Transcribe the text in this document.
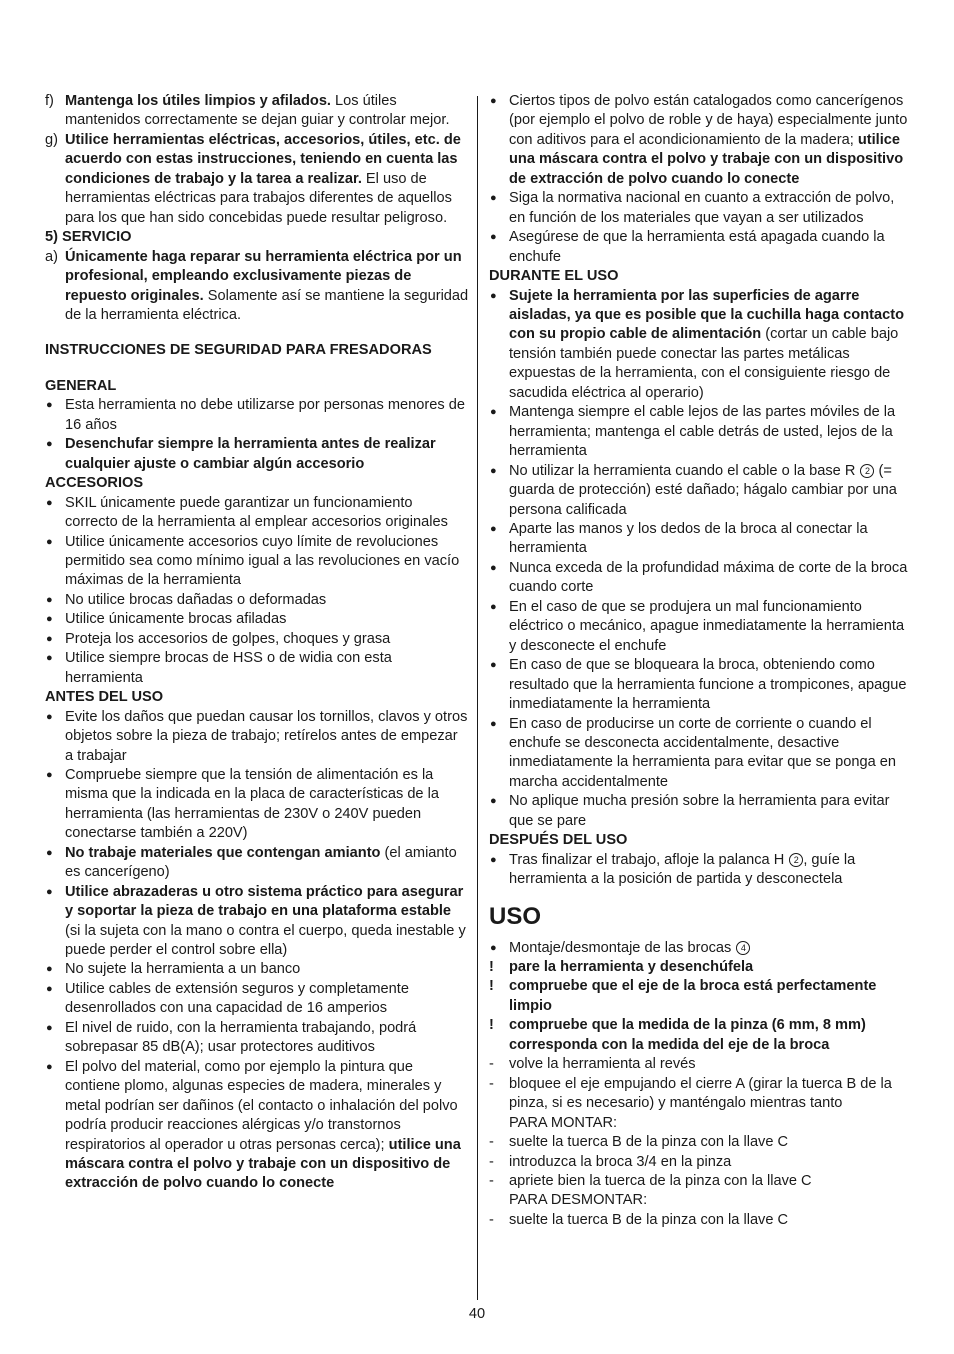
f) Mantenga los útiles limpios y afilados. Los útiles mantenidos correctamente se dejan guiar y controlar mejor.
g) Utilice herramientas eléctricas, accesorios, útiles, etc. de acuerdo con estas instrucciones, teniendo en cuenta las condiciones de trabajo y la tarea a realizar. El uso de herramientas eléctricas para trabajos diferentes de aquellos para los que han sido concebidas puede resultar peligroso.
5) SERVICIO
a) Únicamente haga reparar su herramienta eléctrica por un profesional, empleando exclusivamente piezas de repuesto originales. Solamente así se mantiene la seguridad de la herramienta eléctrica.
INSTRUCCIONES DE SEGURIDAD PARA FRESADORAS
GENERAL
● Esta herramienta no debe utilizarse por personas menores de 16 años
● Desenchufar siempre la herramienta antes de realizar cualquier ajuste o cambiar algún accesorio
ACCESORIOS
● SKIL únicamente puede garantizar un funcionamiento correcto de la herramienta al emplear accesorios originales
● Utilice únicamente accesorios cuyo límite de revoluciones permitido sea como mínimo igual a las revoluciones en vacío máximas de la herramienta
● No utilice brocas dañadas o deformadas
● Utilice únicamente brocas afiladas
● Proteja los accesorios de golpes, choques y grasa
● Utilice siempre brocas de HSS o de widia con esta herramienta
ANTES DEL USO
● Evite los daños que puedan causar los tornillos, clavos y otros objetos sobre la pieza de trabajo; retírelos antes de empezar a trabajar
● Compruebe siempre que la tensión de alimentación es la misma que la indicada en la placa de características de la herramienta (las herramientas de 230V o 240V pueden conectarse también a 220V)
● No trabaje materiales que contengan amianto (el amianto es cancerígeno)
● Utilice abrazaderas u otro sistema práctico para asegurar y soportar la pieza de trabajo en una plataforma estable (si la sujeta con la mano o contra el cuerpo, queda inestable y puede perder el control sobre ella)
● No sujete la herramienta a un banco
● Utilice cables de extensión seguros y completamente desenrollados con una capacidad de 16 amperios
● El nivel de ruido, con la herramienta trabajando, podrá sobrepasar 85 dB(A); usar protectores auditivos
● El polvo del material, como por ejemplo la pintura que contiene plomo, algunas especies de madera, minerales y metal podrían ser dañinos (el contacto o inhalación del polvo podría producir reacciones alérgicas y/o transtornos respiratorios al operador u otras personas cerca); utilice una máscara contra el polvo y trabaje con un dispositivo de extracción de polvo cuando lo conecte
● Ciertos tipos de polvo están catalogados como cancerígenos (por ejemplo el polvo de roble y de haya) especialmente junto con aditivos para el acondicionamiento de la madera; utilice una máscara contra el polvo y trabaje con un dispositivo de extracción de polvo cuando lo conecte
● Siga la normativa nacional en cuanto a extracción de polvo, en función de los materiales que vayan a ser utilizados
● Asegúrese de que la herramienta está apagada cuando la enchufe
DURANTE EL USO
● Sujete la herramienta por las superficies de agarre aisladas, ya que es posible que la cuchilla haga contacto con su propio cable de alimentación (cortar un cable bajo tensión también puede conectar las partes metálicas expuestas de la herramienta, con el consiguiente riesgo de sacudida eléctrica al operario)
● Mantenga siempre el cable lejos de las partes móviles de la herramienta; mantenga el cable detrás de usted, lejos de la herramienta
● No utilizar la herramienta cuando el cable o la base R 2 (= guarda de protección) esté dañado; hágalo cambiar por una persona calificada
● Aparte las manos y los dedos de la broca al conectar la herramienta
● Nunca exceda de la profundidad máxima de corte de la broca cuando corte
● En el caso de que se produjera un mal funcionamiento eléctrico o mecánico, apague inmediatamente la herramienta y desconecte el enchufe
● En caso de que se bloqueara la broca, obteniendo como resultado que la herramienta funcione a trompicones, apague inmediatamente la herramienta
● En caso de producirse un corte de corriente o cuando el enchufe se desconecta accidentalmente, desactive inmediatamente la herramienta para evitar que se ponga en marcha accidentalmente
● No aplique mucha presión sobre la herramienta para evitar que se pare
DESPUÉS DEL USO
● Tras finalizar el trabajo, afloje la palanca H 2 , guíe la herramienta a la posición de partida y desconectela
USO
● Montaje/desmontaje de las brocas 4
!	pare la herramienta y desenchúfela
!	compruebe que el eje de la broca está perfectamente limpio
!	compruebe que la medida de la pinza (6 mm, 8 mm) corresponda con la medida del eje de la broca
-	volve la herramienta al revés
-	bloquee el eje empujando el cierre A (girar la tuerca B de la pinza, si es necesario) y manténgalo mientras tanto
PARA MONTAR:
-	suelte la tuerca B de la pinza con la llave C
-	introduzca la broca 3/4 en la pinza
-	apriete bien la tuerca de la pinza con la llave C
PARA DESMONTAR:
-	suelte la tuerca B de la pinza con la llave C
40
